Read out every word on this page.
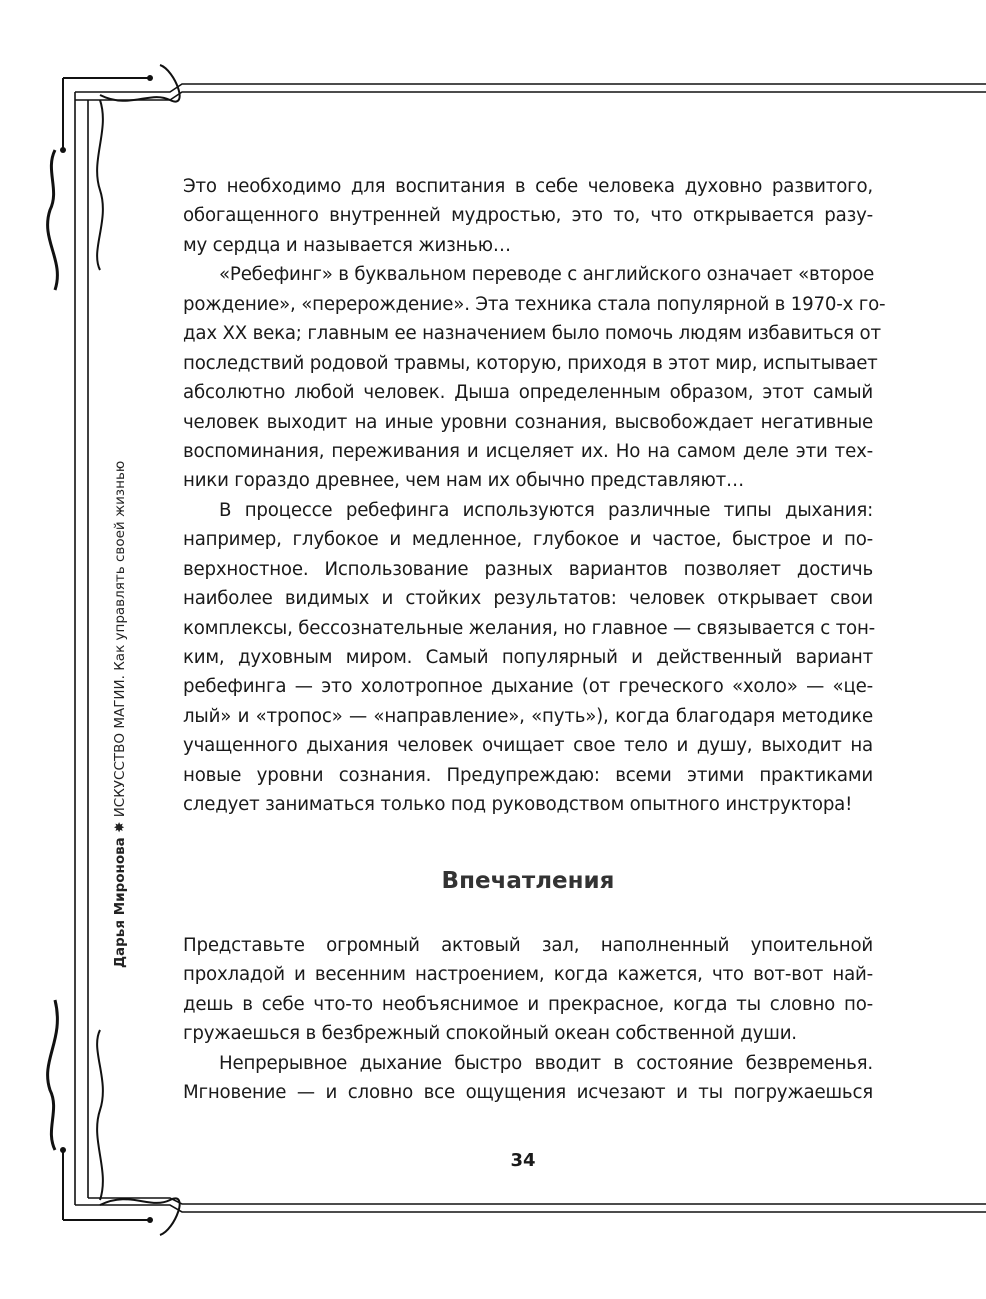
Дарья Миронова ✸ ИСКУССТВО МАГИИ. Как управлять своей жизнью
Это необходимо для воспитания в себе человека духовно развитого,
обогащенного внутренней мудростью, это то, что открывается разу-
му сердца и называется жизнью…
«Ребефинг» в буквальном переводе с английского означает «второе
рождение», «перерождение». Эта техника стала популярной в 1970-х го-
дах XX века; главным ее назначением было помочь людям избавиться от
последствий родовой травмы, которую, приходя в этот мир, испытывает
абсолютно любой человек. Дыша определенным образом, этот самый
человек выходит на иные уровни сознания, высвобождает негативные
воспоминания, переживания и исцеляет их. Но на самом деле эти тех-
ники гораздо древнее, чем нам их обычно представляют…
В процессе ребефинга используются различные типы дыхания:
например, глубокое и медленное, глубокое и частое, быстрое и по-
верхностное. Использование разных вариантов позволяет достичь
наиболее видимых и стойких результатов: человек открывает свои
комплексы, бессознательные желания, но главное — связывается с тон-
ким, духовным миром. Самый популярный и действенный вариант
ребефинга — это холотропное дыхание (от греческого «холо» — «це-
лый» и «тропос» — «направление», «путь»), когда благодаря методике
учащенного дыхания человек очищает свое тело и душу, выходит на
новые уровни сознания. Предупреждаю: всеми этими практиками
следует заниматься только под руководством опытного инструктора!
Впечатления
Представьте огромный актовый зал, наполненный упоительной
прохладой и весенним настроением, когда кажется, что вот-вот най-
дешь в себе что-то необъяснимое и прекрасное, когда ты словно по-
гружаешься в безбрежный спокойный океан собственной души.
Непрерывное дыхание быстро вводит в состояние безвременья.
Мгновение — и словно все ощущения исчезают и ты погружаешься
34
